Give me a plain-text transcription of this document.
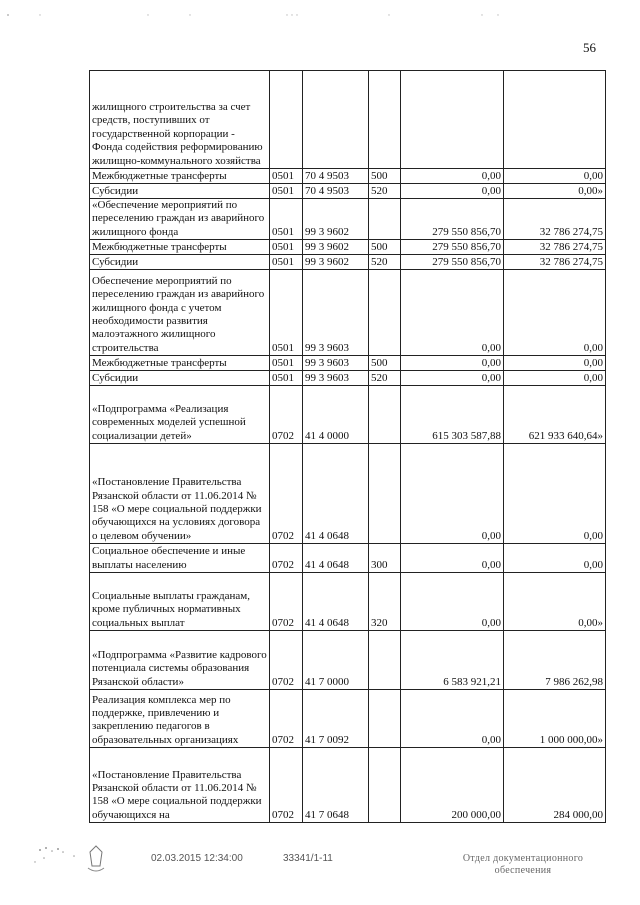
56
жилищного строительства за счет средств, поступивших от государственной корпорации - Фонда содействия реформированию жилищно-коммунального хозяйства					
Межбюджетные трансферты	0501	70 4 9503	500	0,00	0,00
Субсидии	0501	70 4 9503	520	0,00	0,00»
«Обеспечение мероприятий по переселению граждан из аварийного жилищного фонда	0501	99 3 9602		279 550 856,70	32 786 274,75
Межбюджетные трансферты	0501	99 3 9602	500	279 550 856,70	32 786 274,75
Субсидии	0501	99 3 9602	520	279 550 856,70	32 786 274,75
Обеспечение мероприятий по переселению граждан из аварийного жилищного фонда с учетом необходимости развития малоэтажного жилищного строительства	0501	99 3 9603		0,00	0,00
Межбюджетные трансферты	0501	99 3 9603	500	0,00	0,00
Субсидии	0501	99 3 9603	520	0,00	0,00
«Подпрограмма «Реализация современных моделей успешной социализации детей»	0702	41 4 0000		615 303 587,88	621 933 640,64»
«Постановление Правительства Рязанской области от 11.06.2014 № 158 «О мере социальной поддержки обучающихся на условиях договора о целевом обучении»	0702	41 4 0648		0,00	0,00
Социальное обеспечение и иные выплаты населению	0702	41 4 0648	300	0,00	0,00
Социальные выплаты гражданам, кроме публичных нормативных социальных выплат	0702	41 4 0648	320	0,00	0,00»
«Подпрограмма «Развитие кадрового потенциала системы образования Рязанской области»	0702	41 7 0000		6 583 921,21	7 986 262,98
Реализация комплекса мер по поддержке, привлечению и закреплению педагогов в образовательных организациях	0702	41 7 0092		0,00	1 000 000,00»
«Постановление Правительства Рязанской области от 11.06.2014 № 158 «О мере социальной поддержки обучающихся на	0702	41 7 0648		200 000,00	284 000,00
02.03.2015 12:34:00	33341/1-11	Отдел документационного обеспечения
